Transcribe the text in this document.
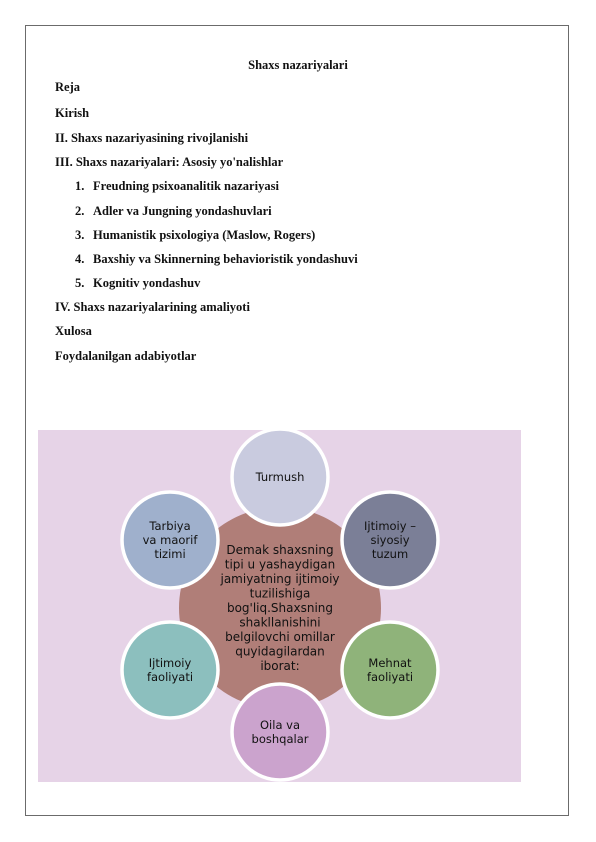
Shaxs nazariyalari
Reja
Kirish
II. Shaxs nazariyasining rivojlanishi
III. Shaxs nazariyalari: Asosiy yo'nalishlar
1. Freudning psixoanalitik nazariyasi
2. Adler va Jungning yondashuvlari
3. Humanistik psixologiya (Maslow, Rogers)
4. Baxshiy va Skinnerning behavioristik yondashuvi
5. Kognitiv yondashuv
IV. Shaxs nazariyalarining amaliyoti
Xulosa
Foydalanilgan adabiyotlar
Demak shaxsning
tipi u yashaydigan
jamiyatning ijtimoiy
tuzilishiga
bog'liq.Shaxsning
shakllanishini
belgilovchi omillar
quyidagilardan
iborat:
Turmush
Ijtimoiy –
siyosiy
tuzum
Mehnat
faoliyati
Oila va
boshqalar
Ijtimoiy
faoliyati
Tarbiya
va maorif
tizimi
